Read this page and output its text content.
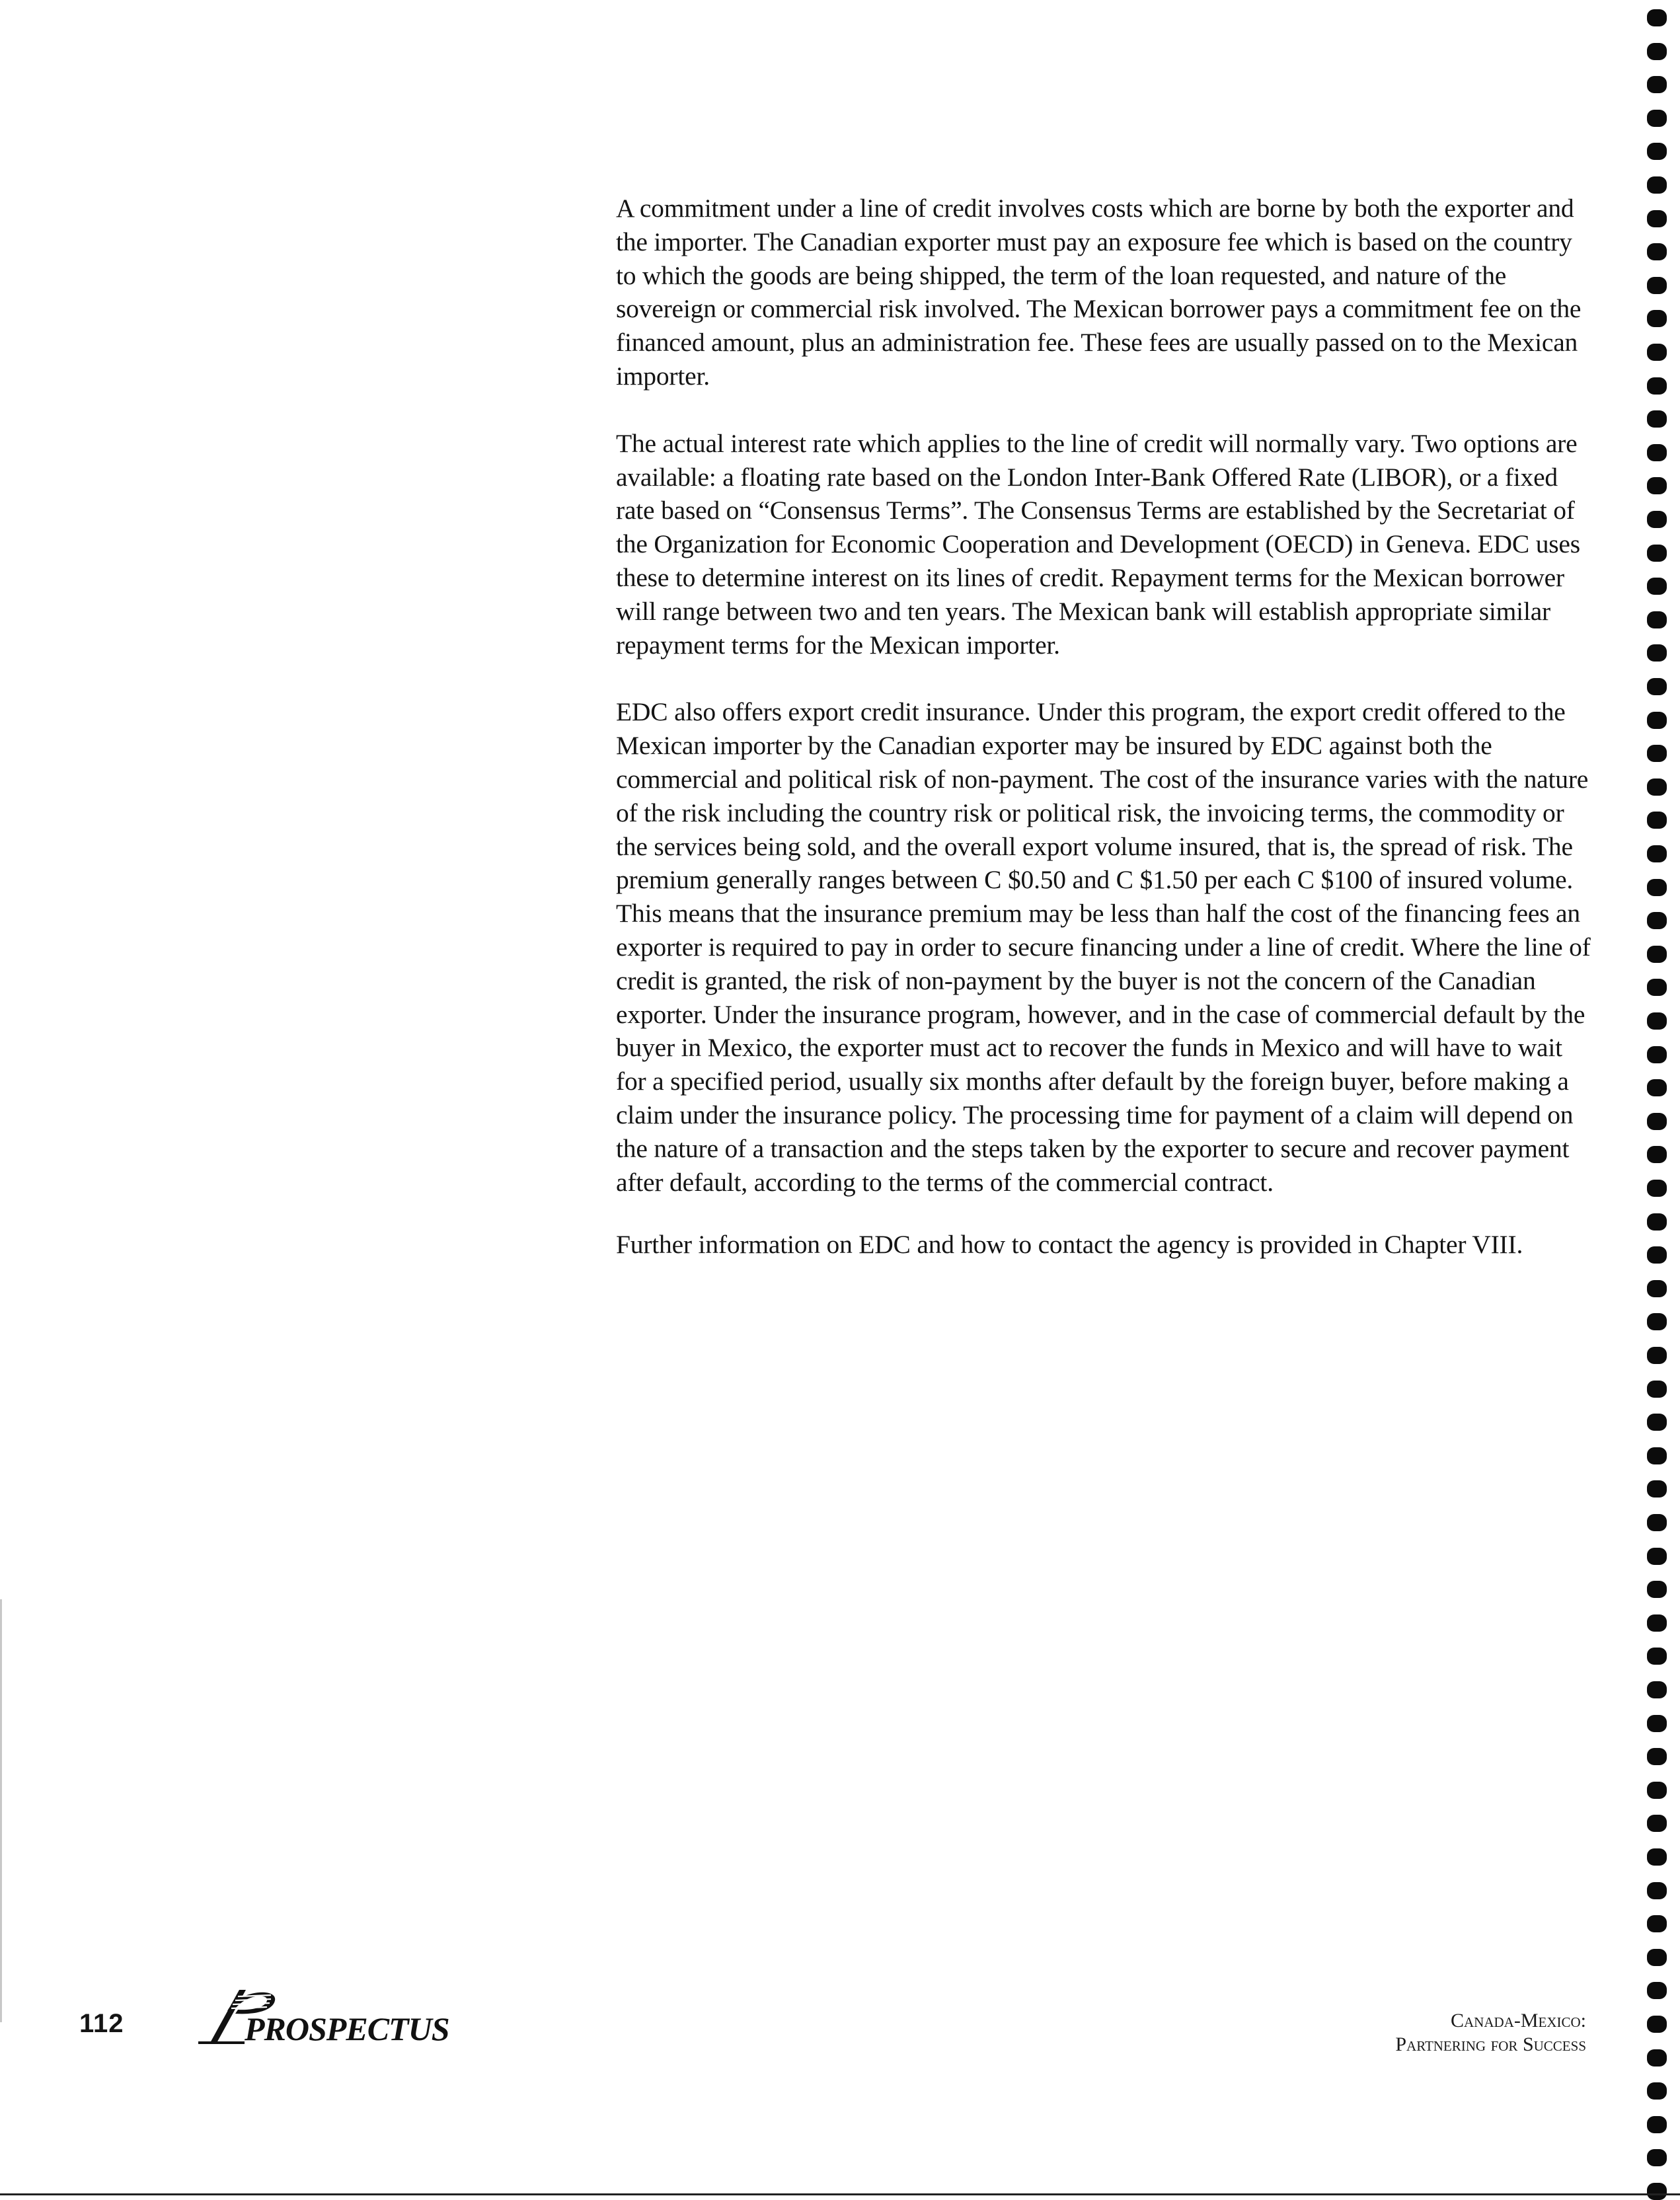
A commitment under a line of credit involves costs which are borne by both the exporter and the importer. The Canadian exporter must pay an exposure fee which is based on the country to which the goods are being shipped, the term of the loan requested, and nature of the sovereign or commercial risk involved. The Mexican borrower pays a commitment fee on the financed amount, plus an administration fee. These fees are usually passed on to the Mexican importer.

The actual interest rate which applies to the line of credit will normally vary. Two options are available: a floating rate based on the London Inter-Bank Offered Rate (LIBOR), or a fixed rate based on “Consensus Terms”. The Consensus Terms are established by the Secretariat of the Organization for Economic Cooperation and Development (OECD) in Geneva. EDC uses these to determine interest on its lines of credit. Repayment terms for the Mexican borrower will range between two and ten years. The Mexican bank will establish appropriate similar repayment terms for the Mexican importer.

EDC also offers export credit insurance. Under this program, the export credit offered to the Mexican importer by the Canadian exporter may be insured by EDC against both the commercial and political risk of non-payment. The cost of the insurance varies with the nature of the risk including the country risk or political risk, the invoicing terms, the commodity or the services being sold, and the overall export volume insured, that is, the spread of risk. The premium generally ranges between C $0.50 and C $1.50 per each C $100 of insured volume. This means that the insurance premium may be less than half the cost of the financing fees an exporter is required to pay in order to secure financing under a line of credit. Where the line of credit is granted, the risk of non-payment by the buyer is not the concern of the Canadian exporter. Under the insurance program, however, and in the case of commercial default by the buyer in Mexico, the exporter must act to recover the funds in Mexico and will have to wait for a specified period, usually six months after default by the foreign buyer, before making a claim under the insurance policy. The processing time for payment of a claim will depend on the nature of a transaction and the steps taken by the exporter to secure and recover payment after default, according to the terms of the commercial contract.

Further information on EDC and how to contact the agency is provided in Chapter VIII.

112	PROSPECTUS	Canada-Mexico:
Partnering for Success
